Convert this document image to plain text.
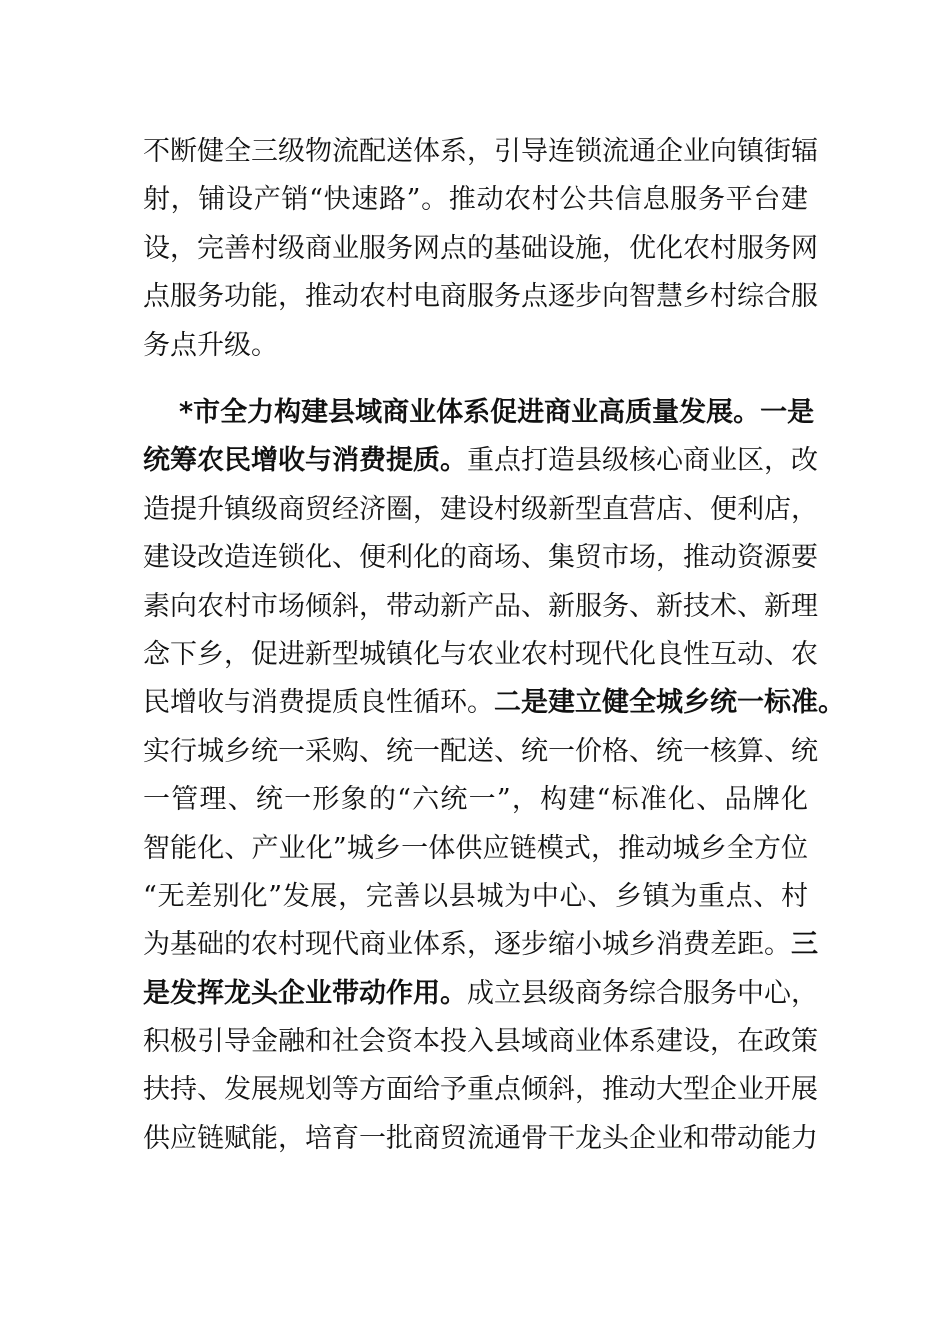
不断健全三级物流配送体系，引导连锁流通企业向镇街辐
射，铺设产销“快速路”。推动农村公共信息服务平台建
设，完善村级商业服务网点的基础设施，优化农村服务网
点服务功能，推动农村电商服务点逐步向智慧乡村综合服
务点升级。
*市全力构建县域商业体系促进商业高质量发展。一是
统筹农民增收与消费提质。重点打造县级核心商业区，改
造提升镇级商贸经济圈，建设村级新型直营店、便利店，
建设改造连锁化、便利化的商场、集贸市场，推动资源要
素向农村市场倾斜，带动新产品、新服务、新技术、新理
念下乡，促进新型城镇化与农业农村现代化良性互动、农
民增收与消费提质良性循环。二是建立健全城乡统一标准。
实行城乡统一采购、统一配送、统一价格、统一核算、统
一管理、统一形象的“六统一”，构建“标准化、品牌化
智能化、产业化”城乡一体供应链模式，推动城乡全方位
“无差别化”发展，完善以县城为中心、乡镇为重点、村
为基础的农村现代商业体系，逐步缩小城乡消费差距。三
是发挥龙头企业带动作用。成立县级商务综合服务中心，
积极引导金融和社会资本投入县域商业体系建设，在政策
扶持、发展规划等方面给予重点倾斜，推动大型企业开展
供应链赋能，培育一批商贸流通骨干龙头企业和带动能力
